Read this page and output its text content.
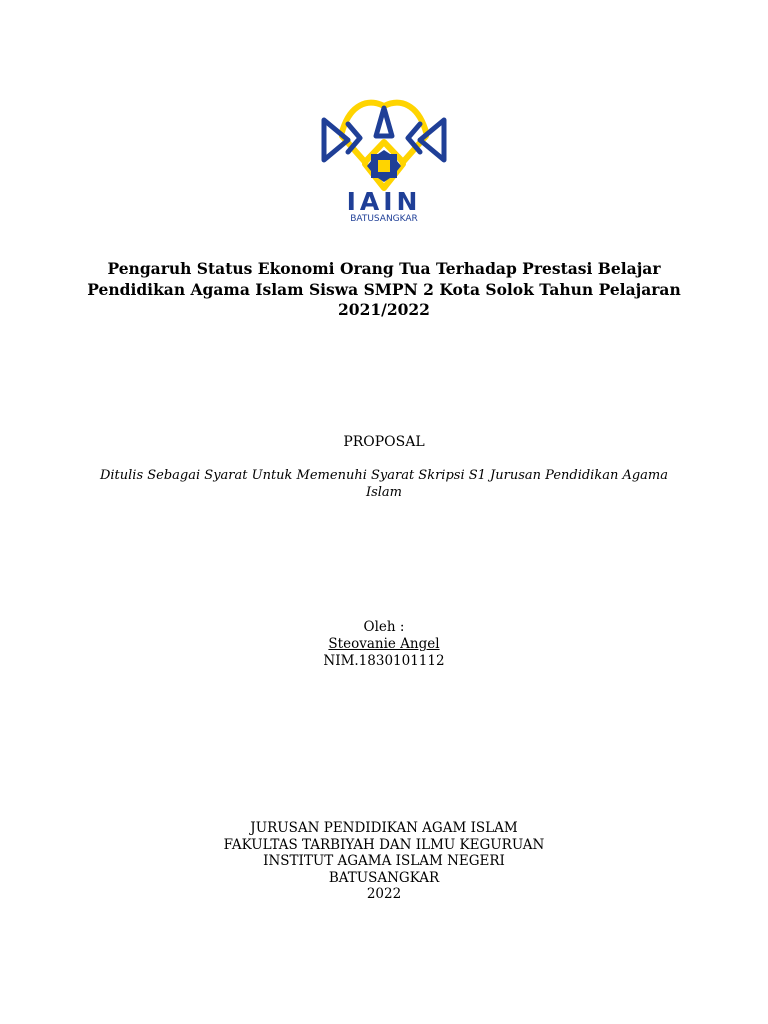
IAIN
BATUSANGKAR
Pengaruh Status Ekonomi Orang Tua Terhadap Prestasi Belajar
Pendidikan Agama Islam Siswa SMPN 2 Kota Solok Tahun Pelajaran
2021/2022
PROPOSAL
Ditulis Sebagai Syarat Untuk Memenuhi Syarat Skripsi S1 Jurusan Pendidikan Agama
Islam
Oleh :
Steovanie Angel
NIM.1830101112
JURUSAN PENDIDIKAN AGAM ISLAM
FAKULTAS TARBIYAH DAN ILMU KEGURUAN
INSTITUT AGAMA ISLAM NEGERI
BATUSANGKAR
2022
